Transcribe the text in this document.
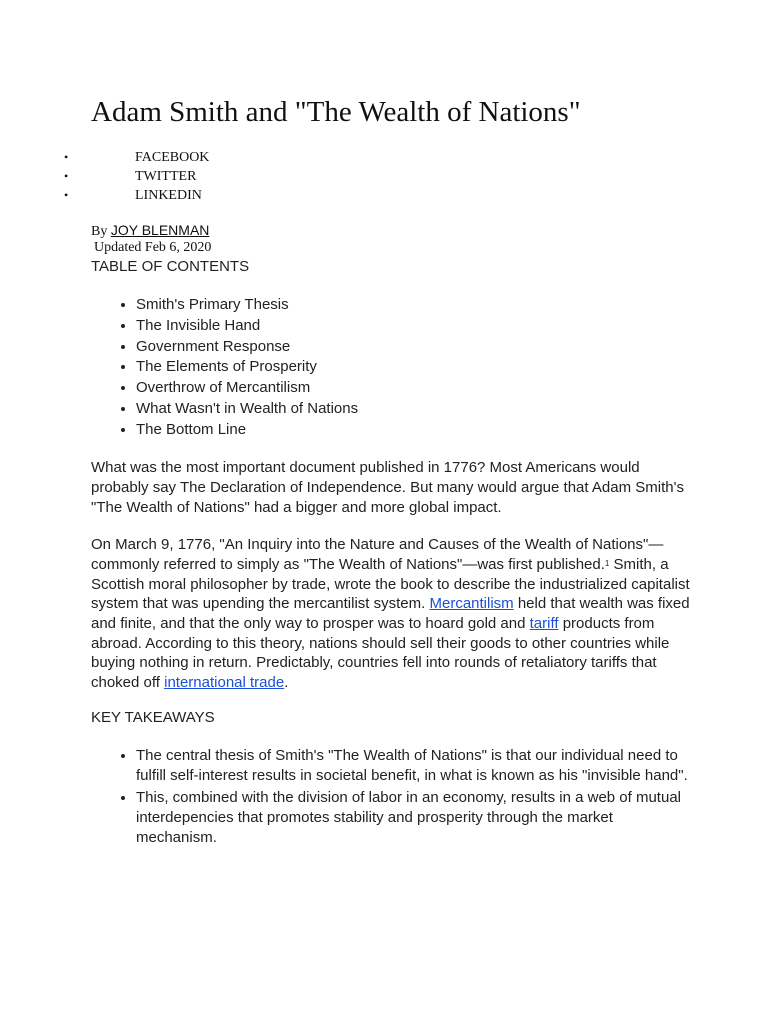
Adam Smith and "The Wealth of Nations"
•	FACEBOOK
•	TWITTER
•	LINKEDIN
By JOY BLENMAN
Updated Feb 6, 2020
TABLE OF CONTENTS
• Smith's Primary Thesis
• The Invisible Hand
• Government Response
• The Elements of Prosperity
• Overthrow of Mercantilism
• What Wasn't in Wealth of Nations
• The Bottom Line

What was the most important document published in 1776? Most Americans would probably say The Declaration of Independence. But many would argue that Adam Smith's "The Wealth of Nations" had a bigger and more global impact.

On March 9, 1776, "An Inquiry into the Nature and Causes of the Wealth of Nations"—commonly referred to simply as "The Wealth of Nations"—was first published.$^1$ Smith, a Scottish moral philosopher by trade, wrote the book to describe the industrialized capitalist system that was upending the mercantilist system. Mercantilism held that wealth was fixed and finite, and that the only way to prosper was to hoard gold and tariff products from abroad. According to this theory, nations should sell their goods to other countries while buying nothing in return. Predictably, countries fell into rounds of retaliatory tariffs that choked off international trade.

KEY TAKEAWAYS
• The central thesis of Smith's "The Wealth of Nations" is that our individual need to fulfill self-interest results in societal benefit, in what is known as his "invisible hand".
• This, combined with the division of labor in an economy, results in a web of mutual interdepencies that promotes stability and prosperity through the market mechanism.
